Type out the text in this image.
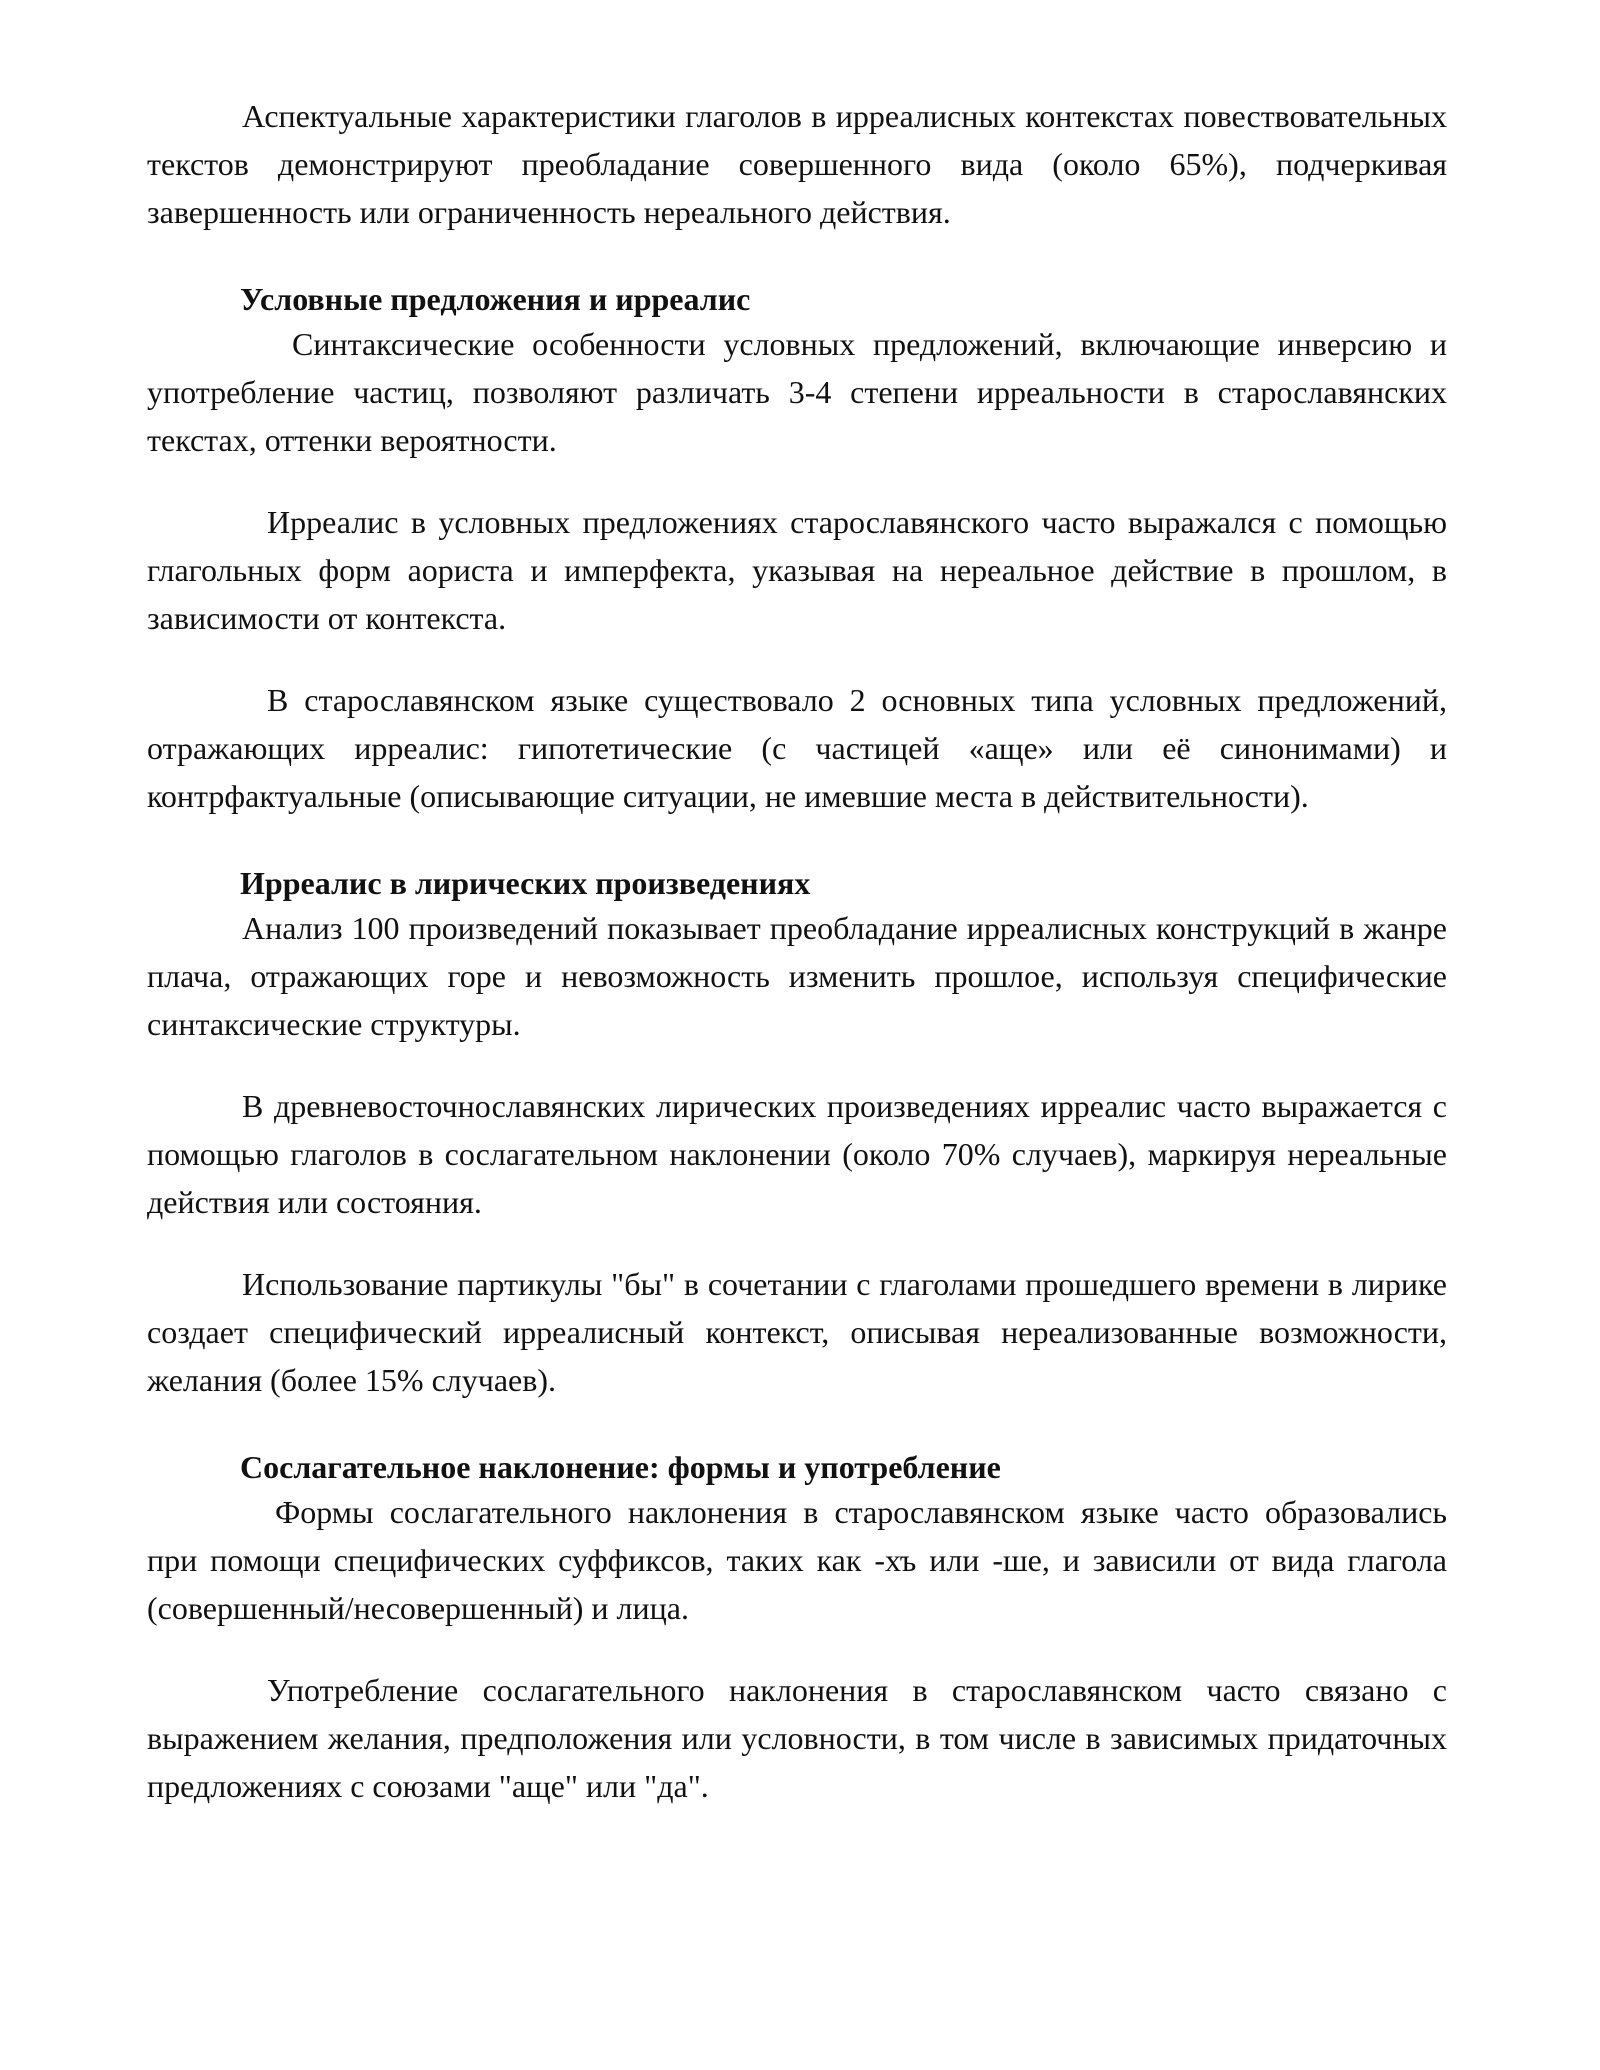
Аспектуальные характеристики глаголов в ирреалисных контекстах повествовательных текстов демонстрируют преобладание совершенного вида (около 65%), подчеркивая завершенность или ограниченность нереального действия.

Условные предложения и ирреалис

Синтаксические особенности условных предложений, включающие инверсию и употребление частиц, позволяют различать 3-4 степени ирреальности в старославянских текстах, оттенки вероятности.

Ирреалис в условных предложениях старославянского часто выражался с помощью глагольных форм аориста и имперфекта, указывая на нереальное действие в прошлом, в зависимости от контекста.

В старославянском языке существовало 2 основных типа условных предложений, отражающих ирреалис: гипотетические (с частицей «аще» или её синонимами) и контрфактуальные (описывающие ситуации, не имевшие места в действительности).

Ирреалис в лирических произведениях

Анализ 100 произведений показывает преобладание ирреалисных конструкций в жанре плача, отражающих горе и невозможность изменить прошлое, используя специфические синтаксические структуры.

В древневосточнославянских лирических произведениях ирреалис часто выражается с помощью глаголов в сослагательном наклонении (около 70% случаев), маркируя нереальные действия или состояния.

Использование партикулы "бы" в сочетании с глаголами прошедшего времени в лирике создает специфический ирреалисный контекст, описывая нереализованные возможности, желания (более 15% случаев).

Сослагательное наклонение: формы и употребление

Формы сослагательного наклонения в старославянском языке часто образовались при помощи специфических суффиксов, таких как -хъ или -ше, и зависили от вида глагола (совершенный/несовершенный) и лица.

Употребление сослагательного наклонения в старославянском часто связано с выражением желания, предположения или условности, в том числе в зависимых придаточных предложениях с союзами "аще" или "да".
